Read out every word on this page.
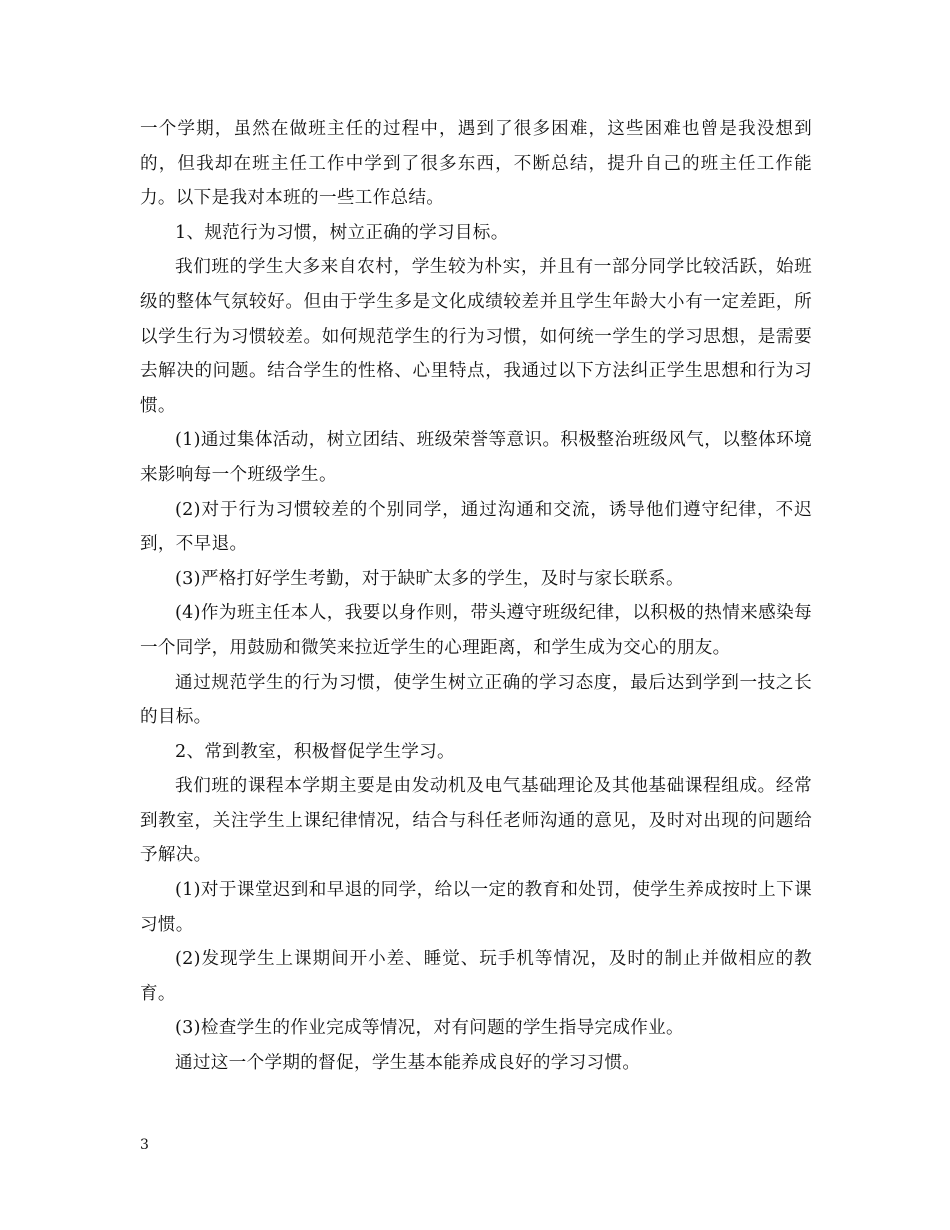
一个学期，虽然在做班主任的过程中，遇到了很多困难，这些困难也曾是我没想到的，但我却在班主任工作中学到了很多东西，不断总结，提升自己的班主任工作能力。以下是我对本班的一些工作总结。

1、规范行为习惯，树立正确的学习目标。

我们班的学生大多来自农村，学生较为朴实，并且有一部分同学比较活跃，始班级的整体气氛较好。但由于学生多是文化成绩较差并且学生年龄大小有一定差距，所以学生行为习惯较差。如何规范学生的行为习惯，如何统一学生的学习思想，是需要去解决的问题。结合学生的性格、心里特点，我通过以下方法纠正学生思想和行为习惯。

(1)通过集体活动，树立团结、班级荣誉等意识。积极整治班级风气，以整体环境来影响每一个班级学生。

(2)对于行为习惯较差的个别同学，通过沟通和交流，诱导他们遵守纪律，不迟到，不早退。

(3)严格打好学生考勤，对于缺旷太多的学生，及时与家长联系。

(4)作为班主任本人，我要以身作则，带头遵守班级纪律，以积极的热情来感染每一个同学，用鼓励和微笑来拉近学生的心理距离，和学生成为交心的朋友。

通过规范学生的行为习惯，使学生树立正确的学习态度，最后达到学到一技之长的目标。

2、常到教室，积极督促学生学习。

我们班的课程本学期主要是由发动机及电气基础理论及其他基础课程组成。经常到教室，关注学生上课纪律情况，结合与科任老师沟通的意见，及时对出现的问题给予解决。

(1)对于课堂迟到和早退的同学，给以一定的教育和处罚，使学生养成按时上下课习惯。

(2)发现学生上课期间开小差、睡觉、玩手机等情况，及时的制止并做相应的教育。

(3)检查学生的作业完成等情况，对有问题的学生指导完成作业。

通过这一个学期的督促，学生基本能养成良好的学习习惯。

3
